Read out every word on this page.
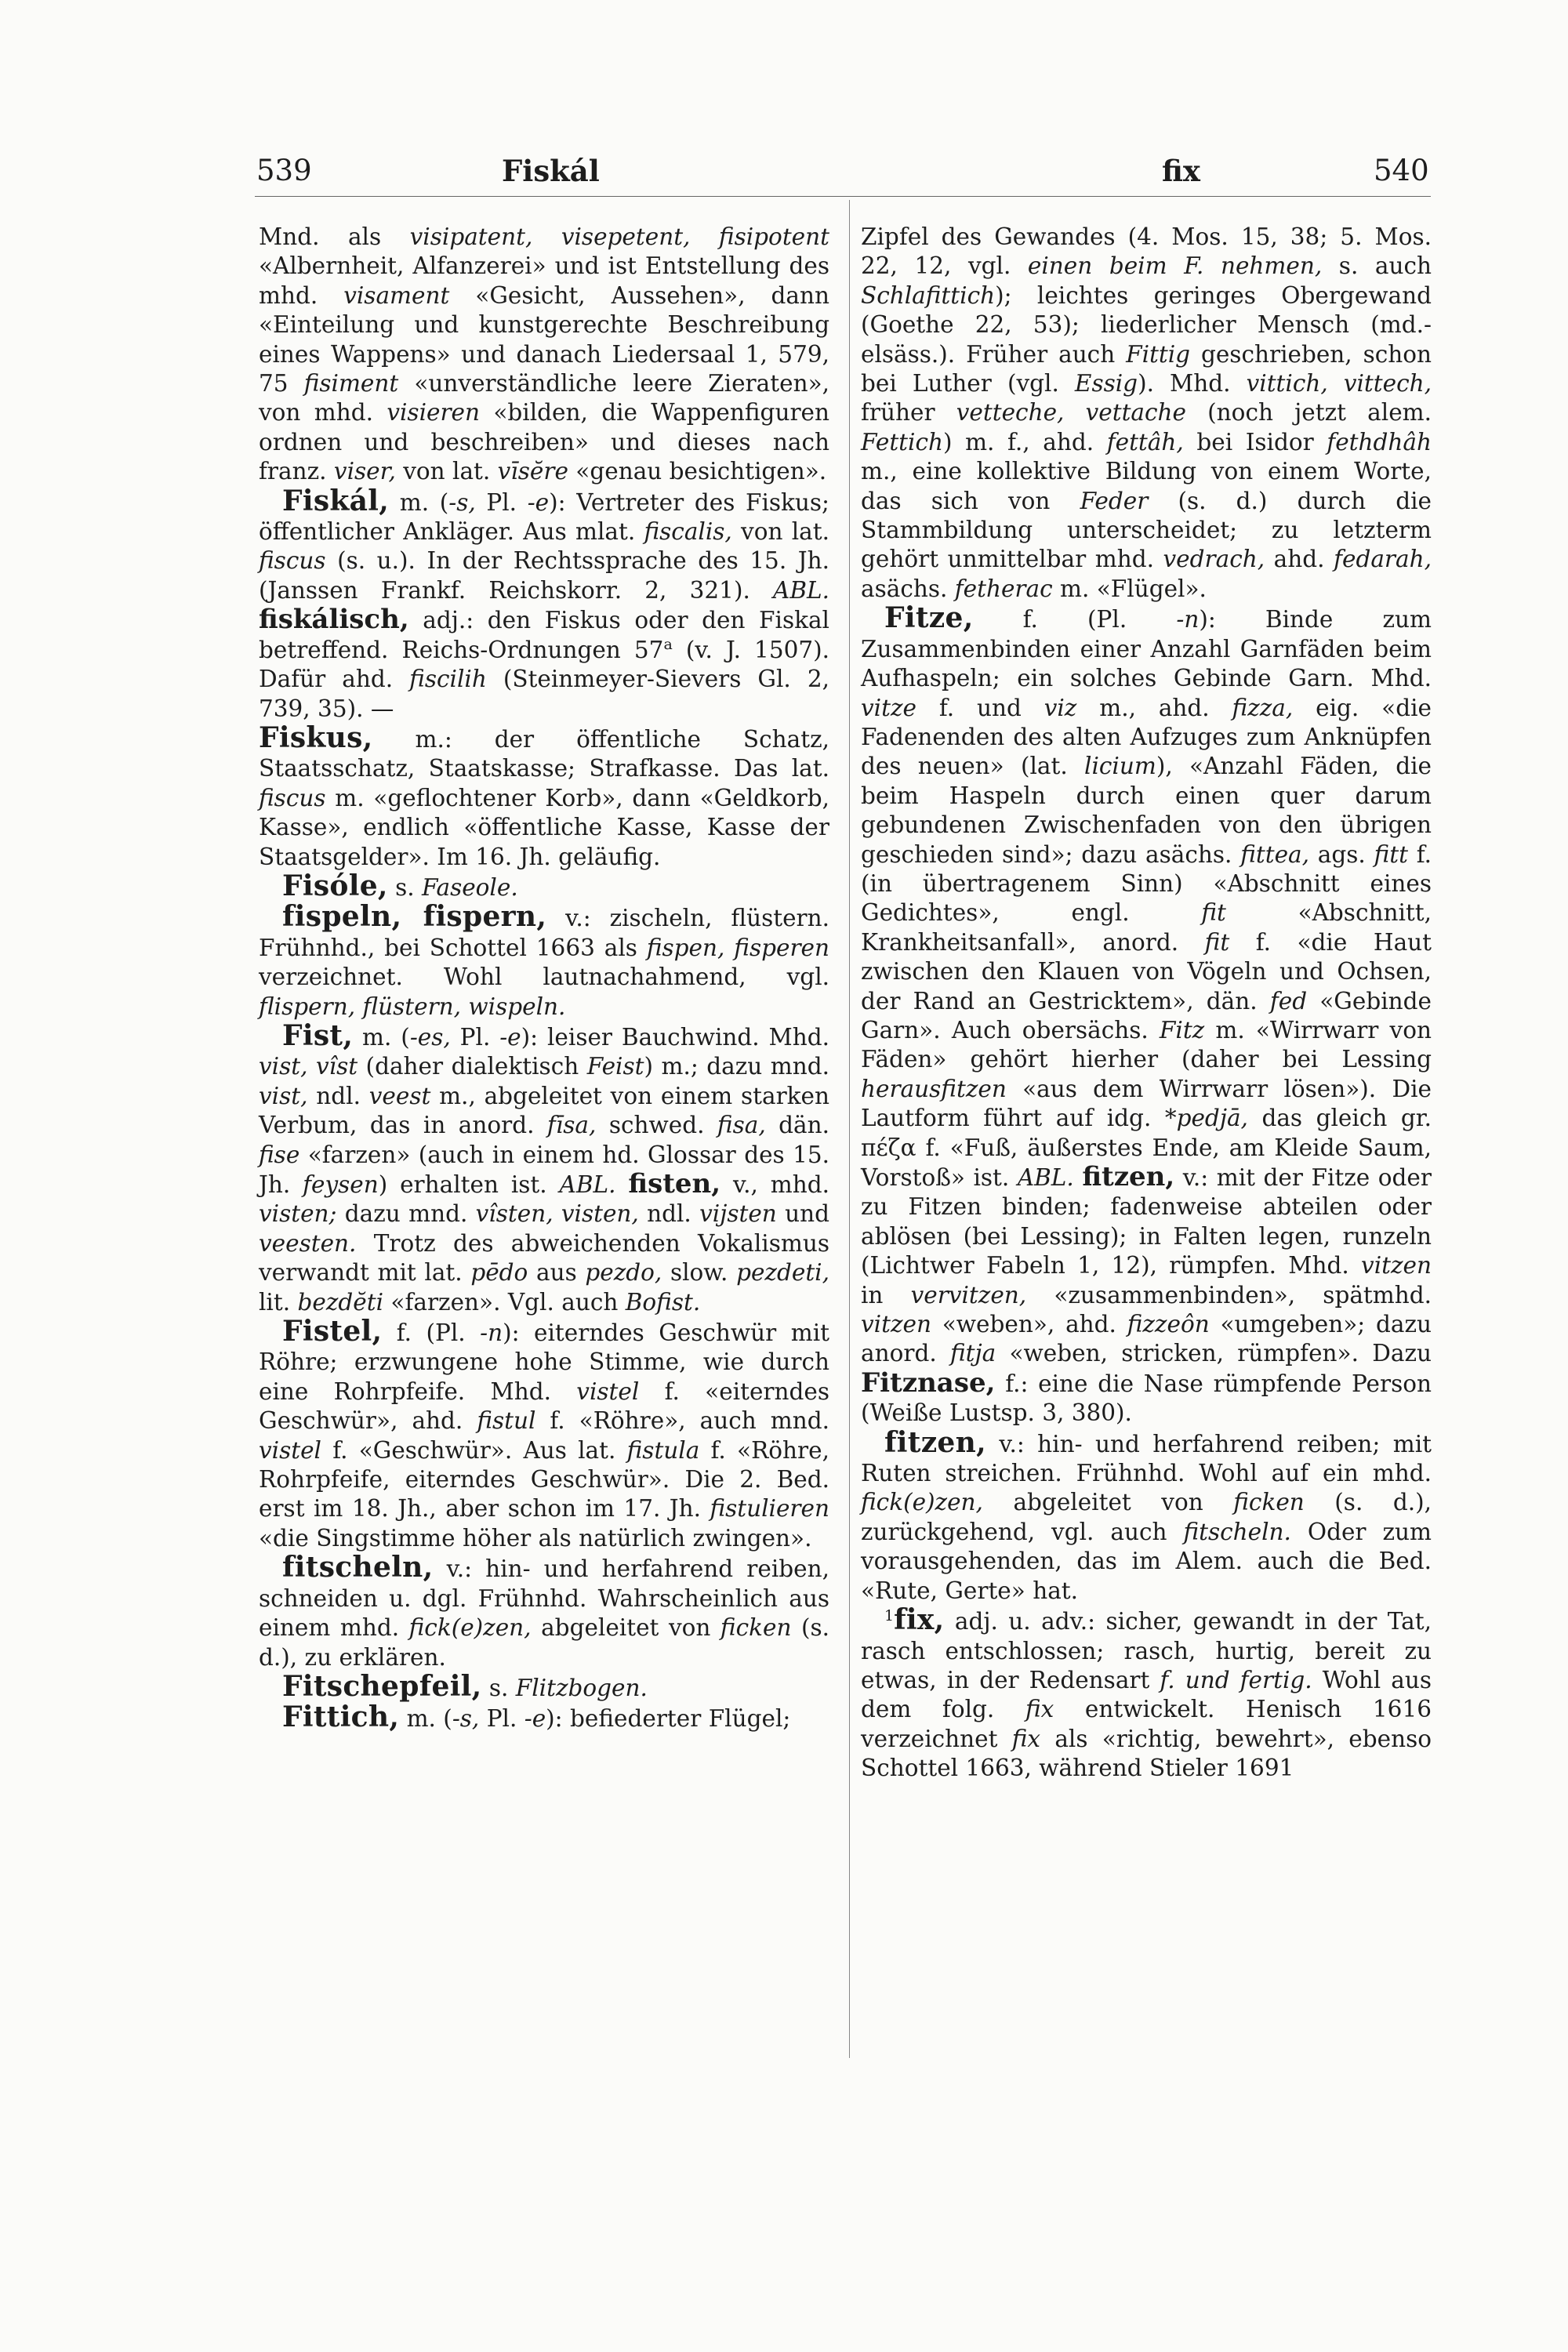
539	Fiskál	fix	540

Mnd. als visipatent, visepetent, fisipotent «Albernheit, Alfanzerei» und ist Entstellung des mhd. visament «Gesicht, Aussehen», dann «Einteilung und kunstgerechte Beschreibung eines Wappens» und danach Liedersaal 1, 579, 75 fisiment «unverständliche leere Zieraten», von mhd. visieren «bilden, die Wappenfiguren ordnen und beschreiben» und dieses nach franz. viser, von lat. vīsĕre «genau besichtigen».

Fiskál, m. (-s, Pl. -e): Vertreter des Fiskus; öffentlicher Ankläger. Aus mlat. fiscalis, von lat. fiscus (s. u.). In der Rechtssprache des 15. Jh. (Janssen Frankf. Reichskorr. 2, 321). ABL. fiskálisch, adj.: den Fiskus oder den Fiskal betreffend. Reichs-Ordnungen 57$^a$ (v. J. 1507). Dafür ahd. fiscilih (Steinmeyer-Sievers Gl. 2, 739, 35). —

Fiskus, m.: der öffentliche Schatz, Staatsschatz, Staatskasse; Strafkasse. Das lat. fiscus m. «geflochtener Korb», dann «Geldkorb, Kasse», endlich «öffentliche Kasse, Kasse der Staatsgelder». Im 16. Jh. geläufig.

Fisóle, s. Faseole.

fispeln, fispern, v.: zischeln, flüstern. Frühnhd., bei Schottel 1663 als fispen, fisperen verzeichnet. Wohl lautnachahmend, vgl. flispern, flüstern, wispeln.

Fist, m. (-es, Pl. -e): leiser Bauchwind. Mhd. vist, vîst (daher dialektisch Feist) m.; dazu mnd. vist, ndl. veest m., abgeleitet von einem starken Verbum, das in anord. fīsa, schwed. fisa, dän. fise «farzen» (auch in einem hd. Glossar des 15. Jh. feysen) erhalten ist. ABL. fisten, v., mhd. visten; dazu mnd. vîsten, visten, ndl. vijsten und veesten. Trotz des abweichenden Vokalismus verwandt mit lat. pēdo aus pezdo, slow. pezdeti, lit. bezdĕti «farzen». Vgl. auch Bofist.

Fistel, f. (Pl. -n): eiterndes Geschwür mit Röhre; erzwungene hohe Stimme, wie durch eine Rohrpfeife. Mhd. vistel f. «eiterndes Geschwür», ahd. fistul f. «Röhre», auch mnd. vistel f. «Geschwür». Aus lat. fistula f. «Röhre, Rohrpfeife, eiterndes Geschwür». Die 2. Bed. erst im 18. Jh., aber schon im 17. Jh. fistulieren «die Singstimme höher als natürlich zwingen».

fitscheln, v.: hin- und herfahrend reiben, schneiden u. dgl. Frühnhd. Wahrscheinlich aus einem mhd. fick(e)zen, abgeleitet von ficken (s. d.), zu erklären.

Fitschepfeil, s. Flitzbogen.

Fittich, m. (-s, Pl. -e): befiederter Flügel;

Zipfel des Gewandes (4. Mos. 15, 38; 5. Mos. 22, 12, vgl. einen beim F. nehmen, s. auch Schlafittich); leichtes geringes Obergewand (Goethe 22, 53); liederlicher Mensch (md.-elsäss.). Früher auch Fittig geschrieben, schon bei Luther (vgl. Essig). Mhd. vittich, vittech, früher vetteche, vettache (noch jetzt alem. Fettich) m. f., ahd. fettâh, bei Isidor fethdhâh m., eine kollektive Bildung von einem Worte, das sich von Feder (s. d.) durch die Stammbildung unterscheidet; zu letzterm gehört unmittelbar mhd. vedrach, ahd. fedarah, asächs. fetherac m. «Flügel».

Fitze, f. (Pl. -n): Binde zum Zusammenbinden einer Anzahl Garnfäden beim Aufhaspeln; ein solches Gebinde Garn. Mhd. vitze f. und viz m., ahd. fizza, eig. «die Fadenenden des alten Aufzuges zum Anknüpfen des neuen» (lat. licium), «Anzahl Fäden, die beim Haspeln durch einen quer darum gebundenen Zwischenfaden von den übrigen geschieden sind»; dazu asächs. fittea, ags. fitt f. (in übertragenem Sinn) «Abschnitt eines Gedichtes», engl. fit «Abschnitt, Krankheitsanfall», anord. fit f. «die Haut zwischen den Klauen von Vögeln und Ochsen, der Rand an Gestricktem», dän. fed «Gebinde Garn». Auch obersächs. Fitz m. «Wirrwarr von Fäden» gehört hierher (daher bei Lessing herausfitzen «aus dem Wirrwarr lösen»). Die Lautform führt auf idg. *pedjā, das gleich gr. πέζα f. «Fuß, äußerstes Ende, am Kleide Saum, Vorstoß» ist. ABL. fitzen, v.: mit der Fitze oder zu Fitzen binden; fadenweise abteilen oder ablösen (bei Lessing); in Falten legen, runzeln (Lichtwer Fabeln 1, 12), rümpfen. Mhd. vitzen in vervitzen, «zusammenbinden», spätmhd. vitzen «weben», ahd. fizzeôn «umgeben»; dazu anord. fitja «weben, stricken, rümpfen». Dazu Fitznase, f.: eine die Nase rümpfende Person (Weiße Lustsp. 3, 380).

fitzen, v.: hin- und herfahrend reiben; mit Ruten streichen. Frühnhd. Wohl auf ein mhd. fick(e)zen, abgeleitet von ficken (s. d.), zurückgehend, vgl. auch fitscheln. Oder zum vorausgehenden, das im Alem. auch die Bed. «Rute, Gerte» hat.

$^1$fix, adj. u. adv.: sicher, gewandt in der Tat, rasch entschlossen; rasch, hurtig, bereit zu etwas, in der Redensart f. und fertig. Wohl aus dem folg. fix entwickelt. Henisch 1616 verzeichnet fix als «richtig, bewehrt», ebenso Schottel 1663, während Stieler 1691
